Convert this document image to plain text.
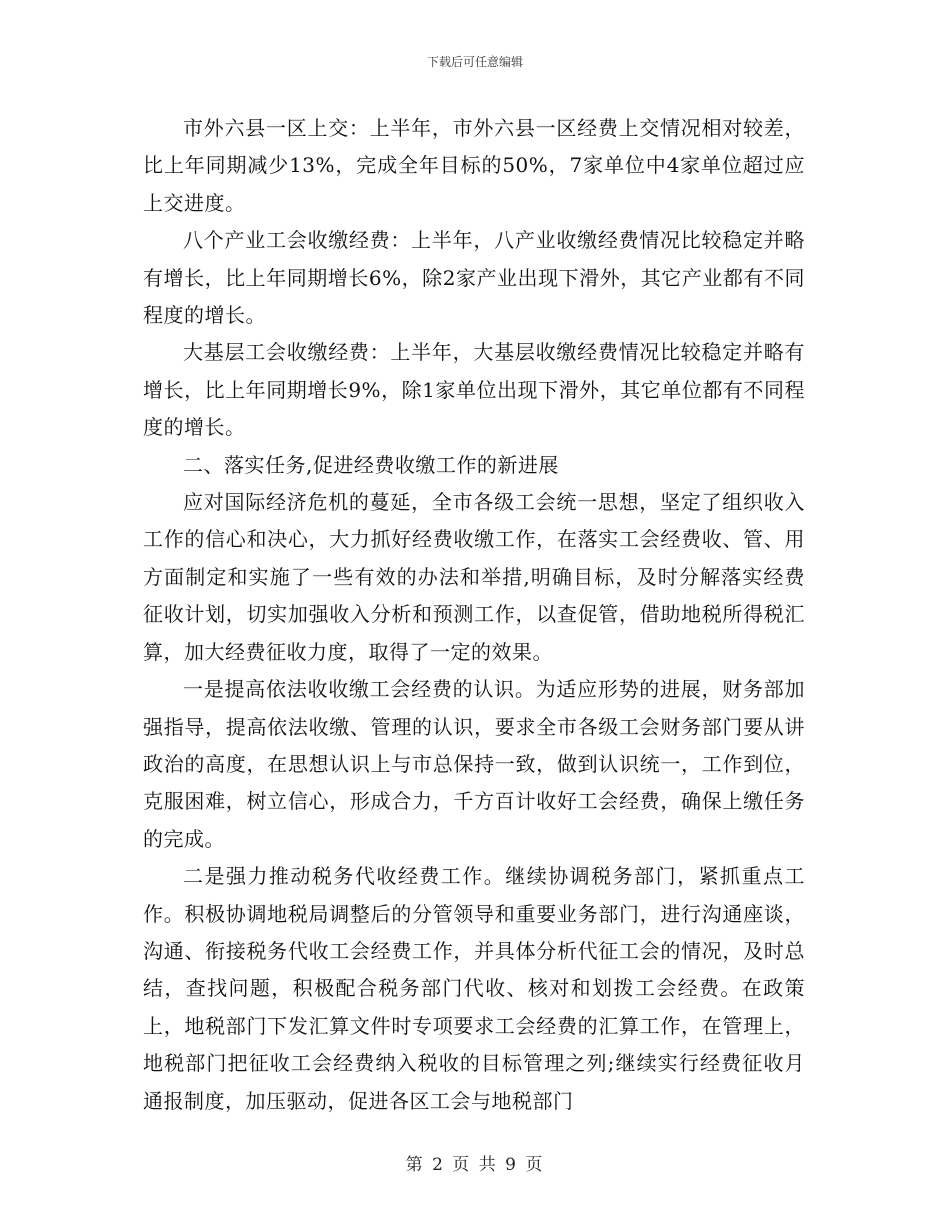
下载后可任意编辑

市外六县一区上交：上半年，市外六县一区经费上交情况相对较差，比上年同期减少13%，完成全年目标的50%，7家单位中4家单位超过应上交进度。

八个产业工会收缴经费：上半年，八产业收缴经费情况比较稳定并略有增长，比上年同期增长6%，除2家产业出现下滑外，其它产业都有不同程度的增长。

大基层工会收缴经费：上半年，大基层收缴经费情况比较稳定并略有增长，比上年同期增长9%，除1家单位出现下滑外，其它单位都有不同程度的增长。

二、落实任务,促进经费收缴工作的新进展

应对国际经济危机的蔓延，全市各级工会统一思想，坚定了组织收入工作的信心和决心，大力抓好经费收缴工作，在落实工会经费收、管、用方面制定和实施了一些有效的办法和举措,明确目标，及时分解落实经费征收计划，切实加强收入分析和预测工作，以查促管，借助地税所得税汇算，加大经费征收力度，取得了一定的效果。

一是提高依法收收缴工会经费的认识。为适应形势的进展，财务部加强指导，提高依法收缴、管理的认识，要求全市各级工会财务部门要从讲政治的高度，在思想认识上与市总保持一致，做到认识统一，工作到位，克服困难，树立信心，形成合力，千方百计收好工会经费，确保上缴任务的完成。

二是强力推动税务代收经费工作。继续协调税务部门，紧抓重点工作。积极协调地税局调整后的分管领导和重要业务部门，进行沟通座谈，沟通、衔接税务代收工会经费工作，并具体分析代征工会的情况，及时总结，查找问题，积极配合税务部门代收、核对和划拨工会经费。在政策上，地税部门下发汇算文件时专项要求工会经费的汇算工作，在管理上，地税部门把征收工会经费纳入税收的目标管理之列;继续实行经费征收月通报制度，加压驱动，促进各区工会与地税部门

第 2 页 共 9 页
